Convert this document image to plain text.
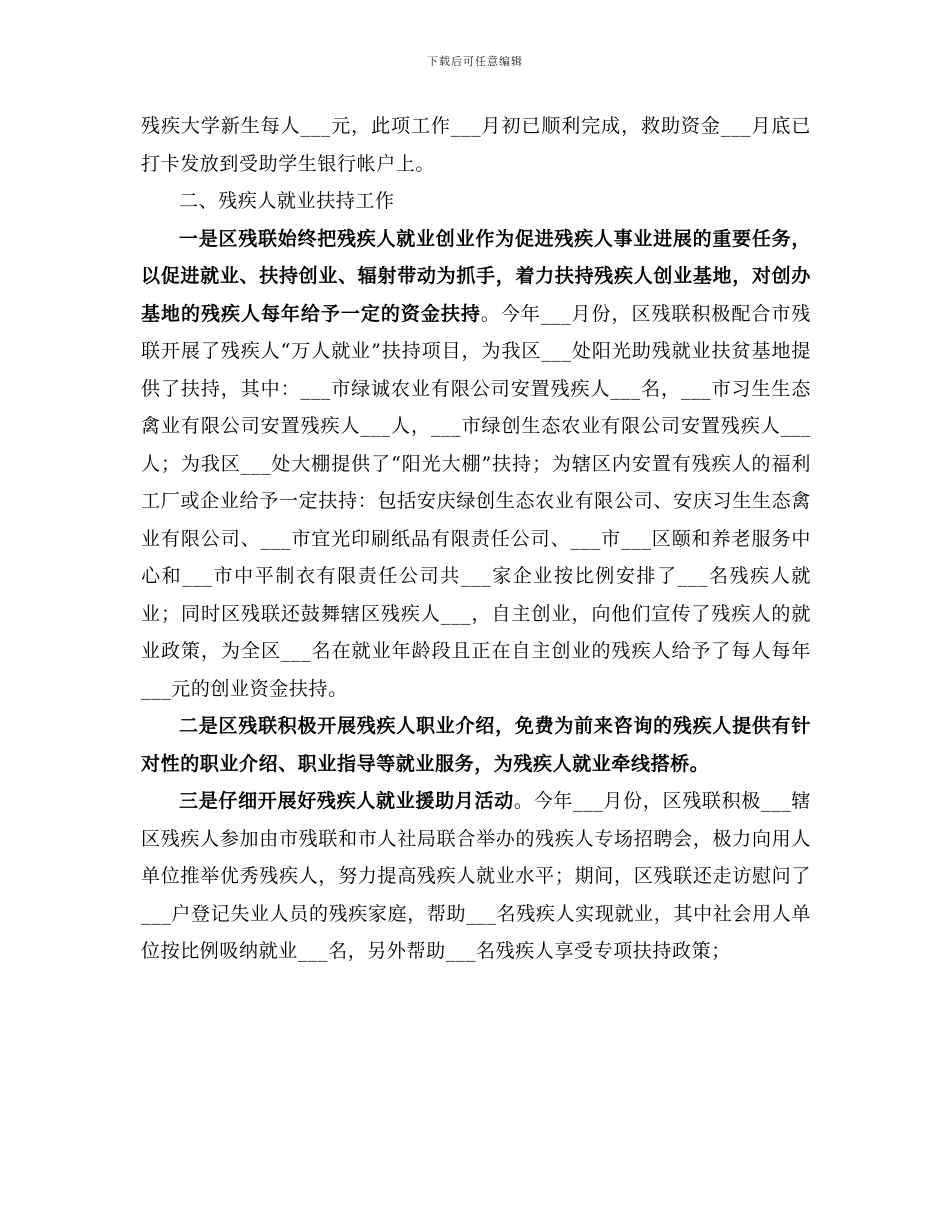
下载后可任意编辑

残疾大学新生每人___元，此项工作___月初已顺利完成，救助资金___月底已打卡发放到受助学生银行帐户上。

二、残疾人就业扶持工作

一是区残联始终把残疾人就业创业作为促进残疾人事业进展的重要任务，以促进就业、扶持创业、辐射带动为抓手，着力扶持残疾人创业基地，对创办基地的残疾人每年给予一定的资金扶持。今年___月份，区残联积极配合市残联开展了残疾人“万人就业”扶持项目，为我区___处阳光助残就业扶贫基地提供了扶持，其中：___市绿诚农业有限公司安置残疾人___名，___市习生生态禽业有限公司安置残疾人___人，___市绿创生态农业有限公司安置残疾人___人；为我区___处大棚提供了“阳光大棚”扶持；为辖区内安置有残疾人的福利工厂或企业给予一定扶持：包括安庆绿创生态农业有限公司、安庆习生生态禽业有限公司、___市宜光印刷纸品有限责任公司、___市___区颐和养老服务中心和___市中平制衣有限责任公司共___家企业按比例安排了___名残疾人就业；同时区残联还鼓舞辖区残疾人___，自主创业，向他们宣传了残疾人的就业政策，为全区___名在就业年龄段且正在自主创业的残疾人给予了每人每年___元的创业资金扶持。

二是区残联积极开展残疾人职业介绍，免费为前来咨询的残疾人提供有针对性的职业介绍、职业指导等就业服务，为残疾人就业牵线搭桥。

三是仔细开展好残疾人就业援助月活动。今年___月份，区残联积极___辖区残疾人参加由市残联和市人社局联合举办的残疾人专场招聘会，极力向用人单位推举优秀残疾人，努力提高残疾人就业水平；期间，区残联还走访慰问了___户登记失业人员的残疾家庭，帮助___名残疾人实现就业，其中社会用人单位按比例吸纳就业___名，另外帮助___名残疾人享受专项扶持政策；
